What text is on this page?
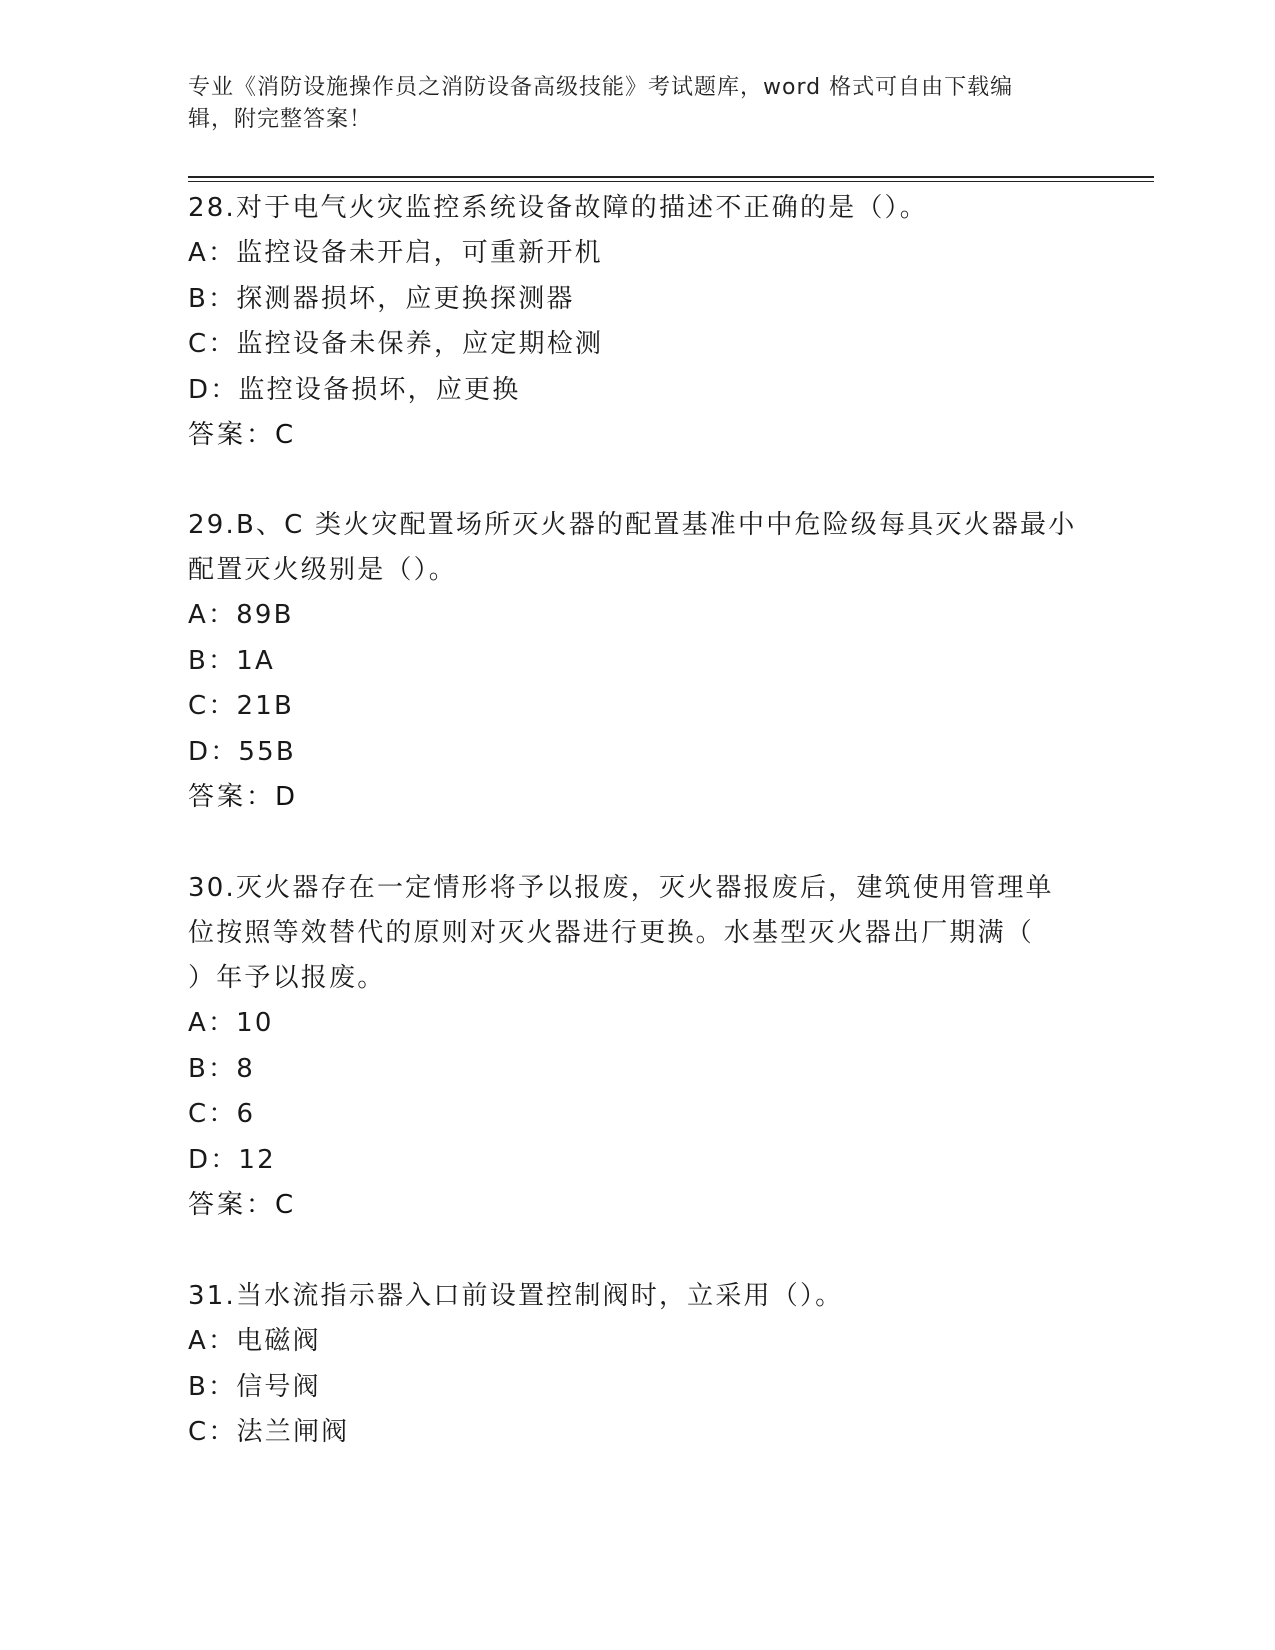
专业《消防设施操作员之消防设备高级技能》考试题库，word 格式可自由下载编
辑，附完整答案！

28.对于电气火灾监控系统设备故障的描述不正确的是（）。

A：监控设备未开启，可重新开机

B：探测器损坏，应更换探测器

C：监控设备未保养，应定期检测

D：监控设备损坏，应更换

答案：C

29.B、C 类火灾配置场所灭火器的配置基准中中危险级每具灭火器最小

配置灭火级别是（）。

A：89B

B：1A

C：21B

D：55B

答案：D

30.灭火器存在一定情形将予以报废，灭火器报废后，建筑使用管理单

位按照等效替代的原则对灭火器进行更换。水基型灭火器出厂期满（

）年予以报废。

A：10

B：8

C：6

D：12

答案：C

31.当水流指示器入口前设置控制阀时，立采用（）。

A：电磁阀

B：信号阀

C：法兰闸阀
